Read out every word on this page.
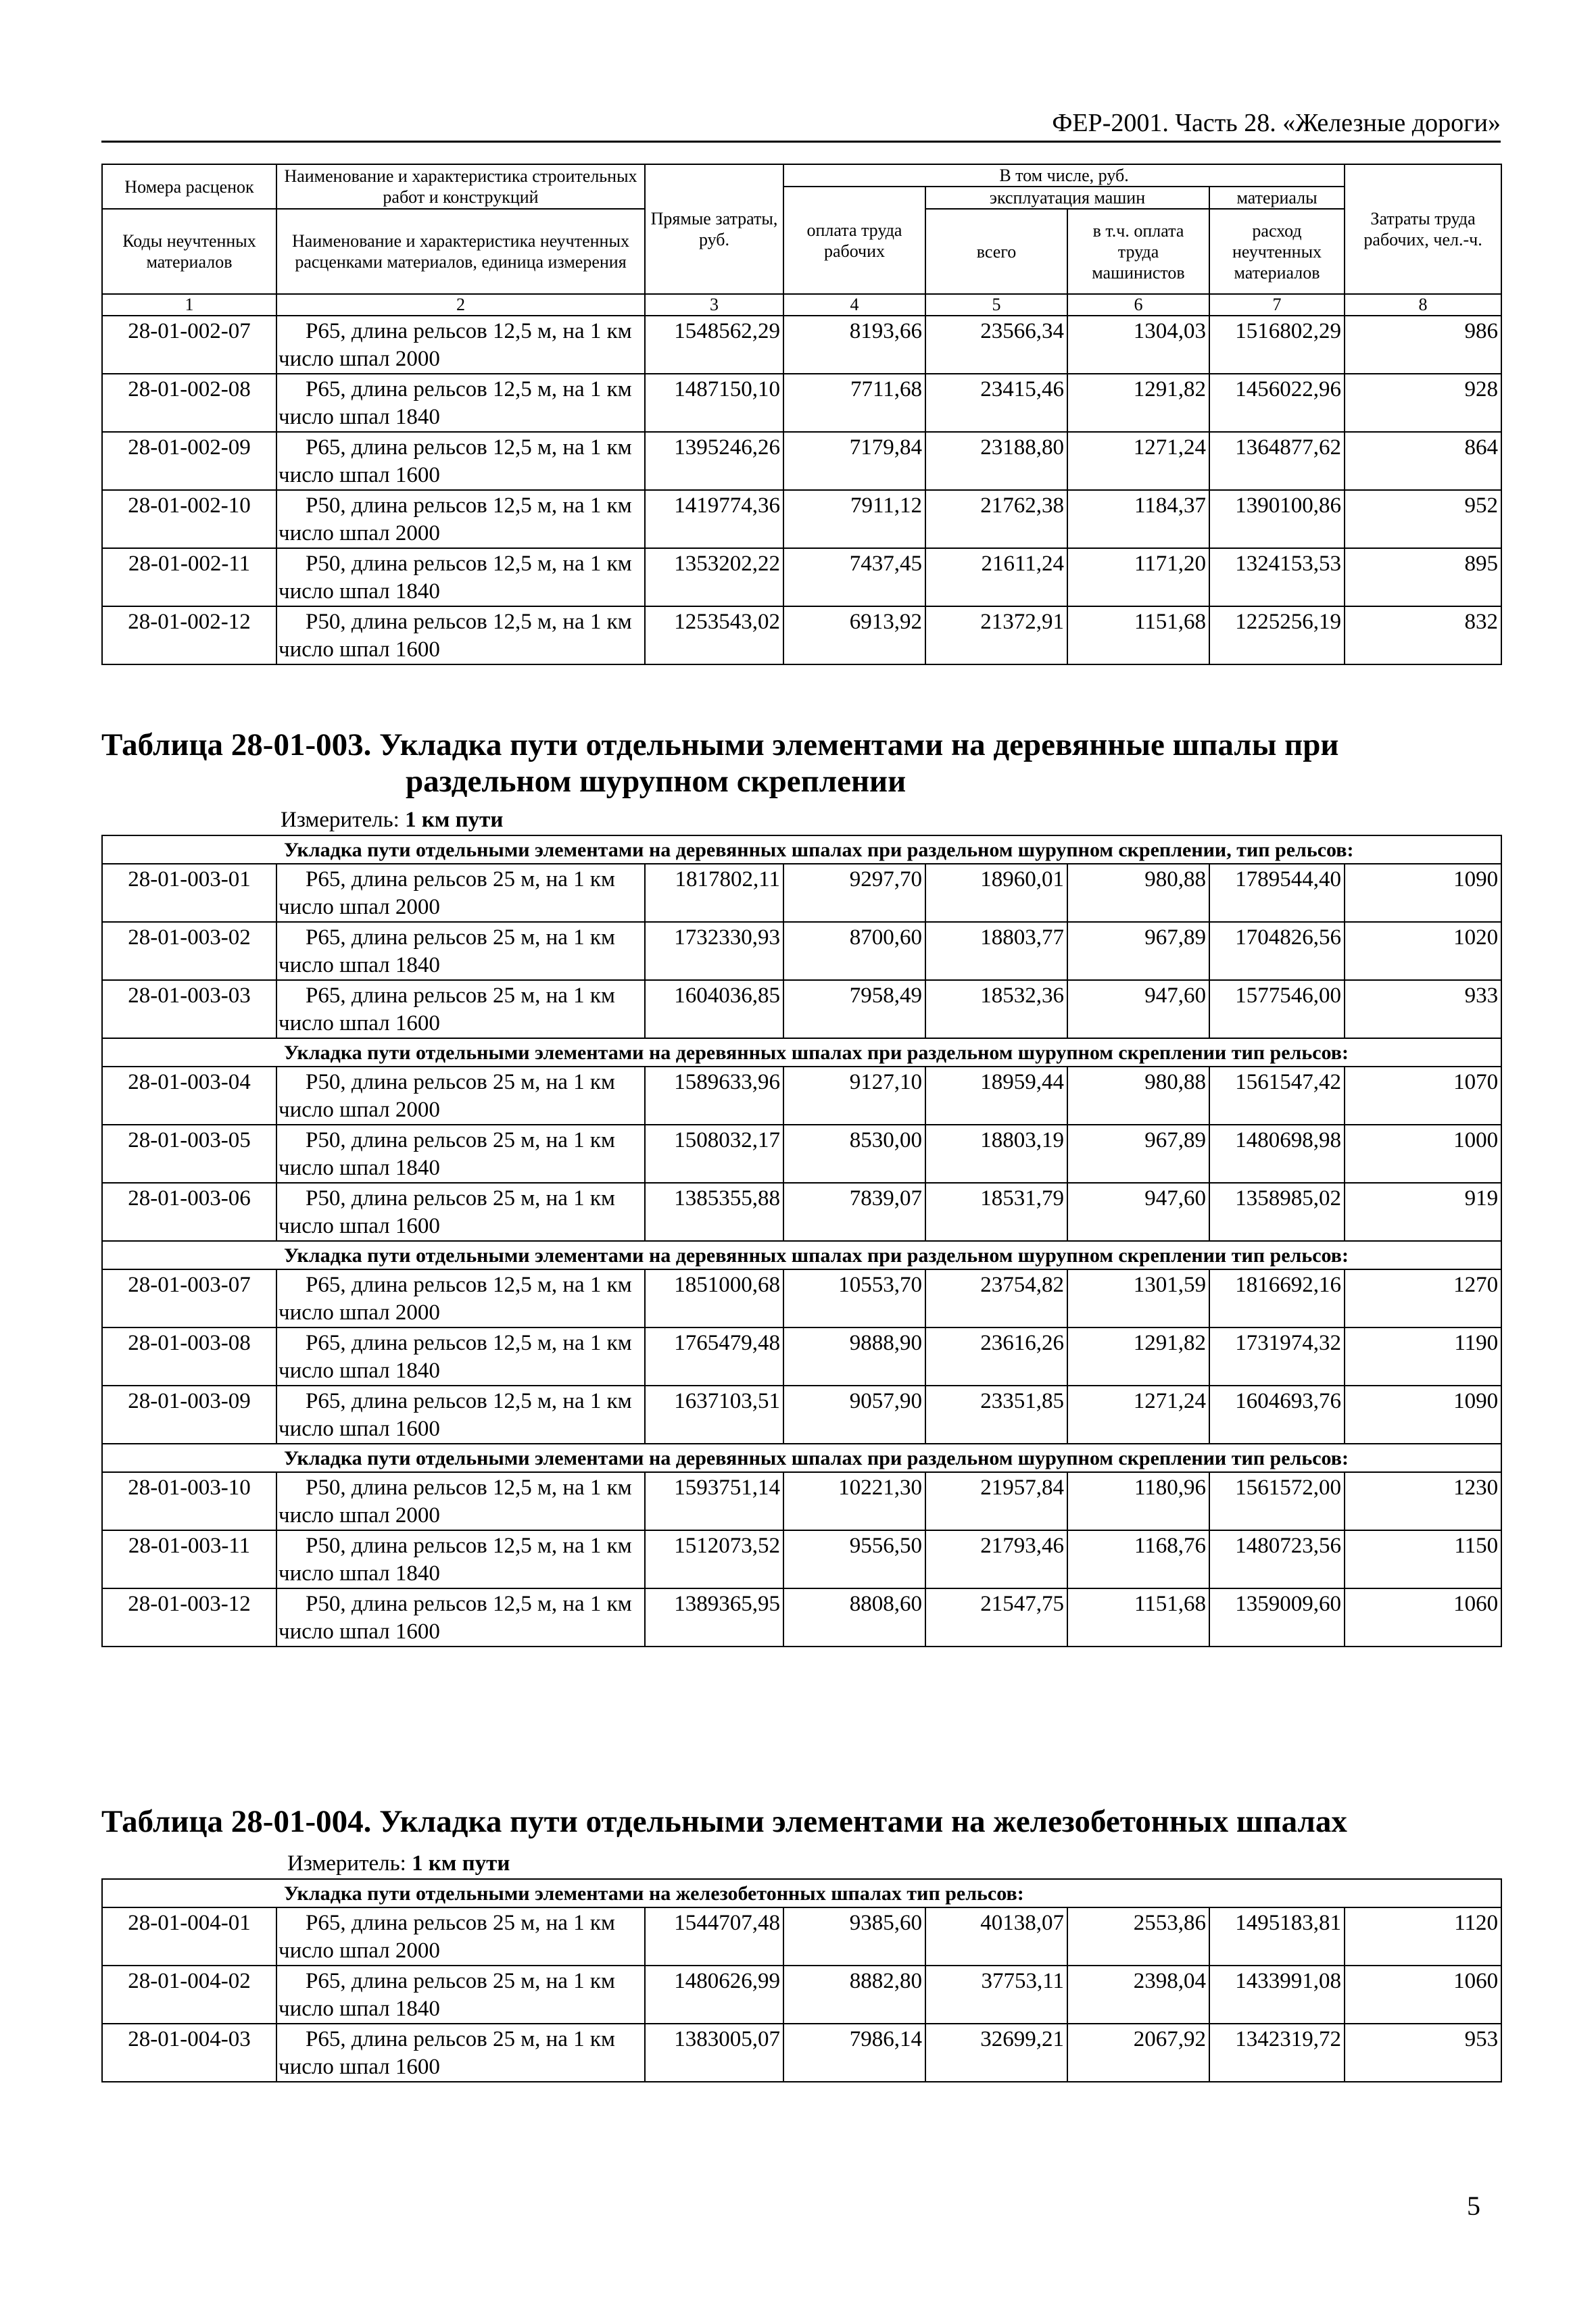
ФЕР-2001. Часть 28. «Железные дороги»
Номера расценок	Наименование и характеристика строительных работ и конструкций	Прямые затраты, руб.	В том числе, руб.				Затраты труда рабочих, чел.-ч.
			оплата труда рабочих	эксплуатация машин		материалы	
Коды неучтенных материалов	Наименование и характеристика неучтенных расценками материалов, единица измерения			всего	в т.ч. оплата труда машинистов	расход неучтенных материалов	

1	2	3	4	5	6	7	8
28-01-002-07	Р65, длина рельсов 12,5 м, на 1 км число шпал 2000	1548562,29	8193,66	23566,34	1304,03	1516802,29	986
28-01-002-08	Р65, длина рельсов 12,5 м, на 1 км число шпал 1840	1487150,10	7711,68	23415,46	1291,82	1456022,96	928
28-01-002-09	Р65, длина рельсов 12,5 м, на 1 км число шпал 1600	1395246,26	7179,84	23188,80	1271,24	1364877,62	864
28-01-002-10	Р50, длина рельсов 12,5 м, на 1 км число шпал 2000	1419774,36	7911,12	21762,38	1184,37	1390100,86	952
28-01-002-11	Р50, длина рельсов 12,5 м, на 1 км число шпал 1840	1353202,22	7437,45	21611,24	1171,20	1324153,53	895
28-01-002-12	Р50, длина рельсов 12,5 м, на 1 км число шпал 1600	1253543,02	6913,92	21372,91	1151,68	1225256,19	832
Таблица 28-01-003. Укладка пути отдельными элементами на деревянные шпалы при
раздельном шурупном скреплении
Измеритель: 1 км пути
Укладка пути отдельными элементами на деревянных шпалах при раздельном шурупном скреплении, тип рельсов:							
28-01-003-01	Р65, длина рельсов 25 м, на 1 км число шпал 2000	1817802,11	9297,70	18960,01	980,88	1789544,40	1090
28-01-003-02	Р65, длина рельсов 25 м, на 1 км число шпал 1840	1732330,93	8700,60	18803,77	967,89	1704826,56	1020
28-01-003-03	Р65, длина рельсов 25 м, на 1 км число шпал 1600	1604036,85	7958,49	18532,36	947,60	1577546,00	933
Укладка пути отдельными элементами на деревянных шпалах при раздельном шурупном скреплении тип рельсов:							
28-01-003-04	Р50, длина рельсов 25 м, на 1 км число шпал 2000	1589633,96	9127,10	18959,44	980,88	1561547,42	1070
28-01-003-05	Р50, длина рельсов 25 м, на 1 км число шпал 1840	1508032,17	8530,00	18803,19	967,89	1480698,98	1000
28-01-003-06	Р50, длина рельсов 25 м, на 1 км число шпал 1600	1385355,88	7839,07	18531,79	947,60	1358985,02	919
Укладка пути отдельными элементами на деревянных шпалах при раздельном шурупном скреплении тип рельсов:							
28-01-003-07	Р65, длина рельсов 12,5 м, на 1 км число шпал 2000	1851000,68	10553,70	23754,82	1301,59	1816692,16	1270
28-01-003-08	Р65, длина рельсов 12,5 м, на 1 км число шпал 1840	1765479,48	9888,90	23616,26	1291,82	1731974,32	1190
28-01-003-09	Р65, длина рельсов 12,5 м, на 1 км число шпал 1600	1637103,51	9057,90	23351,85	1271,24	1604693,76	1090
Укладка пути отдельными элементами на деревянных шпалах при раздельном шурупном скреплении тип рельсов:							
28-01-003-10	Р50, длина рельсов 12,5 м, на 1 км число шпал 2000	1593751,14	10221,30	21957,84	1180,96	1561572,00	1230
28-01-003-11	Р50, длина рельсов 12,5 м, на 1 км число шпал 1840	1512073,52	9556,50	21793,46	1168,76	1480723,56	1150
28-01-003-12	Р50, длина рельсов 12,5 м, на 1 км число шпал 1600	1389365,95	8808,60	21547,75	1151,68	1359009,60	1060
Таблица 28-01-004. Укладка пути отдельными элементами на железобетонных шпалах
Измеритель: 1 км пути
Укладка пути отдельными элементами на железобетонных шпалах тип рельсов:							
28-01-004-01	Р65, длина рельсов 25 м, на 1 км число шпал 2000	1544707,48	9385,60	40138,07	2553,86	1495183,81	1120
28-01-004-02	Р65, длина рельсов 25 м, на 1 км число шпал 1840	1480626,99	8882,80	37753,11	2398,04	1433991,08	1060
28-01-004-03	Р65, длина рельсов 25 м, на 1 км число шпал 1600	1383005,07	7986,14	32699,21	2067,92	1342319,72	953
5
